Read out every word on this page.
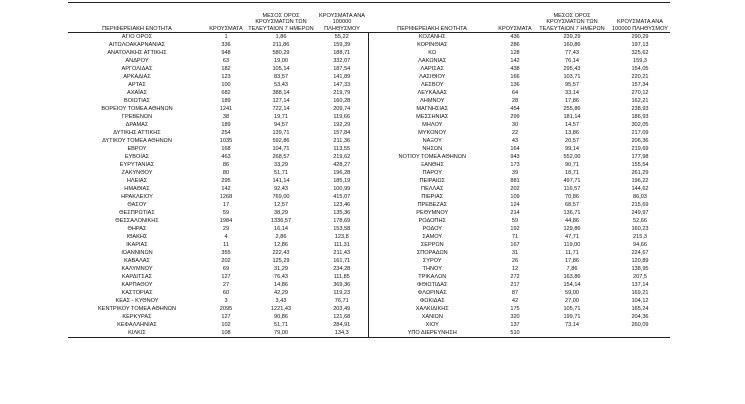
ΠΕΡΙΦΕΡΕΙΑΚΗ ΕΝΟΤΗΤΑ	ΚΡΟΥΣΜΑΤΑ	ΜΕΣΟΣ ΟΡΟΣ ΚΡΟΥΣΜΑΤΩΝ ΤΩΝ ΤΕΛΕΥΤΑΙΩΝ 7 ΗΜΕΡΩΝ	ΚΡΟΥΣΜΑΤΑ ΑΝΑ 100000 ΠΛΗΘΥΣΜΟΥ	ΠΕΡΙΦΕΡΕΙΑΚΗ ΕΝΟΤΗΤΑ	ΚΡΟΥΣΜΑΤΑ	ΜΕΣΟΣ ΟΡΟΣ ΚΡΟΥΣΜΑΤΩΝ ΤΩΝ ΤΕΛΕΥΤΑΙΩΝ 7 ΗΜΕΡΩΝ	ΚΡΟΥΣΜΑΤΑ ΑΝΑ 100000 ΠΛΗΘΥΣΜΟΥ
ΑΓΙΟ ΟΡΟΣ	1	1,86	55,22	ΚΟΖΑΝΗΣ	436	239,29	290,29
ΑΙΤΩΛΟΑΚΑΡΝΑΝΙΑΣ	336	211,86	159,39	ΚΟΡΙΝΘΙΑΣ	286	160,86	197,13
ΑΝΑΤΟΛΙΚΗΣ ΑΤΤΙΚΗΣ	948	580,29	188,71	ΚΩ	128	77,43	325,62
ΑΝΔΡΟΥ	63	19,00	332,07	ΛΑΚΩΝΙΑΣ	142	76,14	159,3
ΑΡΓΟΛΙΔΑΣ	182	105,14	187,54	ΛΑΡΙΣΑΣ	438	295,43	154,05
ΑΡΚΑΔΙΑΣ	123	83,57	141,89	ΛΑΣΙΘΙΟΥ	166	103,71	220,21
ΑΡΤΑΣ	100	53,43	147,33	ΛΕΣΒΟΥ	136	95,57	157,34
ΑΧΑΪΑΣ	682	388,14	219,79	ΛΕΥΚΑΔΑΣ	64	33,14	270,12
ΒΟΙΩΤΙΑΣ	189	127,14	160,28	ΛΗΜΝΟΥ	28	17,86	162,21
ΒΟΡΕΙΟΥ ΤΟΜΕΑ ΑΘΗΝΩΝ	1241	722,14	209,74	ΜΑΓΝΗΣΙΑΣ	454	255,86	238,93
ΓΡΕΒΕΝΩΝ	38	19,71	119,66	ΜΕΣΣΗΝΙΑΣ	299	181,14	186,93
ΔΡΑΜΑΣ	189	94,57	192,29	ΜΗΛΟΥ	30	14,57	302,05
ΔΥΤΙΚΗΣ ΑΤΤΙΚΗΣ	254	139,71	157,84	ΜΥΚΟΝΟΥ	22	13,86	217,09
ΔΥΤΙΚΟΥ ΤΟΜΕΑ ΑΘΗΝΩΝ	1035	592,86	211,36	ΝΑΞΟΥ	43	20,57	206,36
ΕΒΡΟΥ	168	104,71	113,55	ΝΗΣΩΝ	164	99,14	219,69
ΕΥΒΟΙΑΣ	463	268,57	219,62	ΝΟΤΙΟΥ ΤΟΜΕΑ ΑΘΗΝΩΝ	943	552,00	177,98
ΕΥΡΥΤΑΝΙΑΣ	86	33,29	428,27	ΞΑΝΘΗΣ	173	90,71	155,54
ΖΑΚΥΝΘΟΥ	80	51,71	196,28	ΠΑΡΟΥ	39	18,71	261,29
ΗΛΕΙΑΣ	295	141,14	185,19	ΠΕΙΡΑΙΩΣ	881	497,71	196,22
ΗΜΑΘΙΑΣ	142	92,43	100,99	ΠΕΛΛΑΣ	202	116,57	144,62
ΗΡΑΚΛΕΙΟΥ	1268	769,00	415,07	ΠΙΕΡΙΑΣ	109	70,86	86,03
ΘΑΣΟΥ	17	12,57	123,46	ΠΡΕΒΕΖΑΣ	124	68,57	215,69
ΘΕΣΠΡΩΤΙΑΣ	59	38,29	135,36	ΡΕΘΥΜΝΟΥ	214	136,71	249,97
ΘΕΣΣΑΛΟΝΙΚΗΣ	1984	1336,57	178,69	ΡΟΔΟΠΗΣ	59	44,86	52,66
ΘΗΡΑΣ	29	16,14	153,58	ΡΟΔΟΥ	192	129,86	160,23
ΙΘΑΚΗΣ	4	2,86	123,8	ΣΑΜΟΥ	71	47,71	215,3
ΙΚΑΡΙΑΣ	11	12,86	111,31	ΣΕΡΡΩΝ	167	119,00	94,66
ΙΩΑΝΝΙΝΩΝ	355	222,43	211,43	ΣΠΟΡΑΔΩΝ	31	11,71	224,67
ΚΑΒΑΛΑΣ	202	125,29	161,71	ΣΥΡΟΥ	26	17,86	120,89
ΚΑΛΥΜΝΟΥ	69	31,29	234,28	ΤΗΝΟΥ	12	7,86	138,95
ΚΑΡΔΙΤΣΑΣ	127	76,43	111,85	ΤΡΙΚΑΛΩΝ	272	163,86	207,5
ΚΑΡΠΑΘΟΥ	27	14,86	369,36	ΦΘΙΩΤΙΔΑΣ	217	154,14	137,14
ΚΑΣΤΟΡΙΑΣ	60	42,29	119,23	ΦΛΩΡΙΝΑΣ	87	59,00	169,21
ΚΕΑΣ - ΚΥΘΝΟΥ	3	3,43	76,71	ΦΩΚΙΔΑΣ	42	27,00	104,12
ΚΕΝΤΡΙΚΟΥ ΤΟΜΕΑ ΑΘΗΝΩΝ	2095	1221,43	203,49	ΧΑΛΚΙΔΙΚΗΣ	175	105,71	165,24
ΚΕΡΚΥΡΑΣ	127	90,86	121,68	ΧΑΝΙΩΝ	320	199,71	204,36
ΚΕΦΑΛΛΗΝΙΑΣ	102	51,71	284,91	ΧΙΟΥ	137	73,14	260,09
ΚΙΛΚΙΣ	108	79,00	134,3	ΥΠΟ ΔΙΕΡΕΥΝΗΣΗ	510		
